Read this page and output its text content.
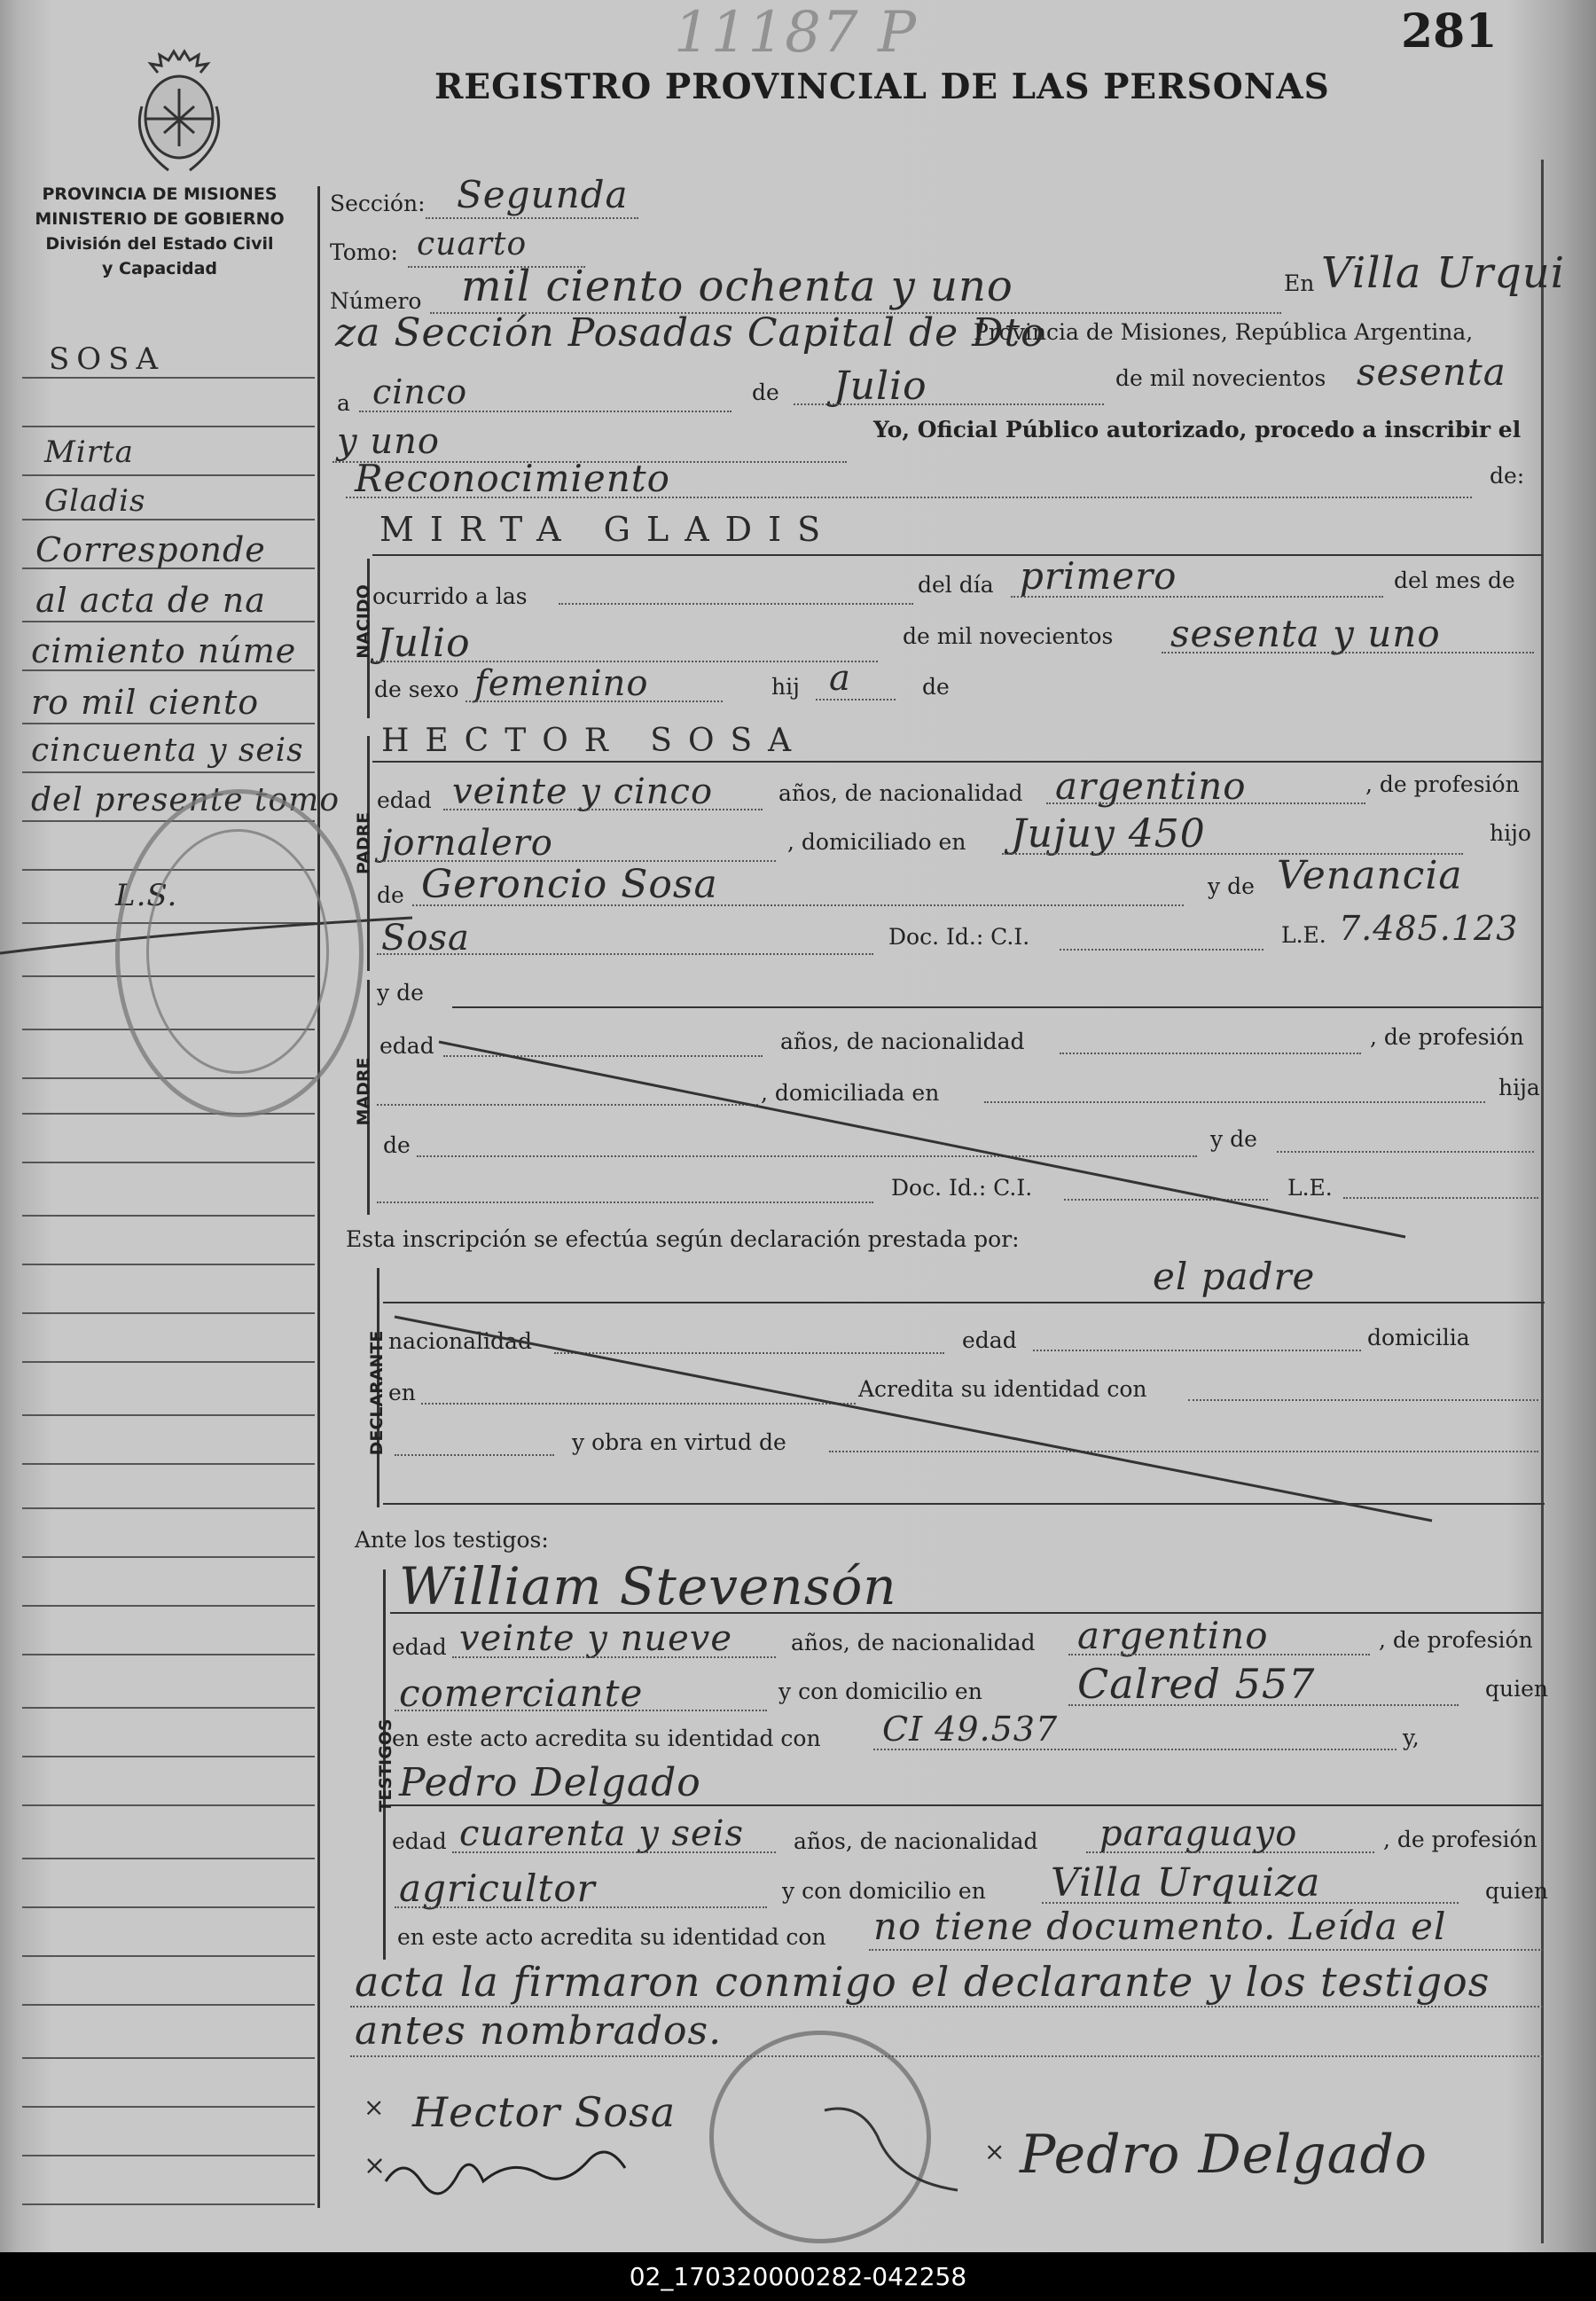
11187 P	281
REGISTRO PROVINCIAL DE LAS PERSONAS
PROVINCIA DE MISIONES
MINISTERIO DE GOBIERNO
División del Estado Civil
y Capacidad
SOSA
Mirta
Gladis
Corresponde
al acta de na
cimiento núme
ro mil ciento
cincuenta y seis
del presente tomo
L.S.
Sección: Segunda
Tomo: cuarto
Número mil ciento ochenta y uno	En Villa Urqui
za Sección Posadas Capital de Dto
Provincia de Misiones, República Argentina,
a cinco	de Julio	de mil novecientos sesenta
y uno	Yo, Oficial Público autorizado, procedo a inscribir el
Reconocimiento	de:
NACIDO
MIRTA GLADIS
ocurrido a las	del día primero	del mes de
Julio	de mil novecientos sesenta y uno
de sexo femenino	hij a	de
PADRE
HECTOR SOSA
edad veinte y cinco	años, de nacionalidad argentino	, de profesión
jornalero	, domiciliado en Jujuy 450	hijo
de Geroncio Sosa	y de Venancia
Sosa	Doc. Id.: C.I.	L.E. 7.485.123
MADRE
y de
edad	años, de nacionalidad	, de profesión
, domiciliada en	hija
de	y de
Doc. Id.: C.I.	L.E.
Esta inscripción se efectúa según declaración prestada por:
DECLARANTE
el padre
nacionalidad	edad	domicilia
en	Acredita su identidad con
y obra en virtud de
Ante los testigos:
TESTIGOS
William Stevensón
edad veinte y nueve	años, de nacionalidad argentino	, de profesión
comerciante	y con domicilio en Calred 557	quien
en este acto acredita su identidad con CI 49.537	y,
Pedro Delgado
edad cuarenta y seis años, de nacionalidad paraguayo	, de profesión
agricultor	y con domicilio en Villa Urquiza	quien
en este acto acredita su identidad con no tiene documento. Leída el
acta la firmaron conmigo el declarante y los testigos
antes nombrados.
× Hector Sosa
×	× Pedro Delgado
02_170320000282-042258
